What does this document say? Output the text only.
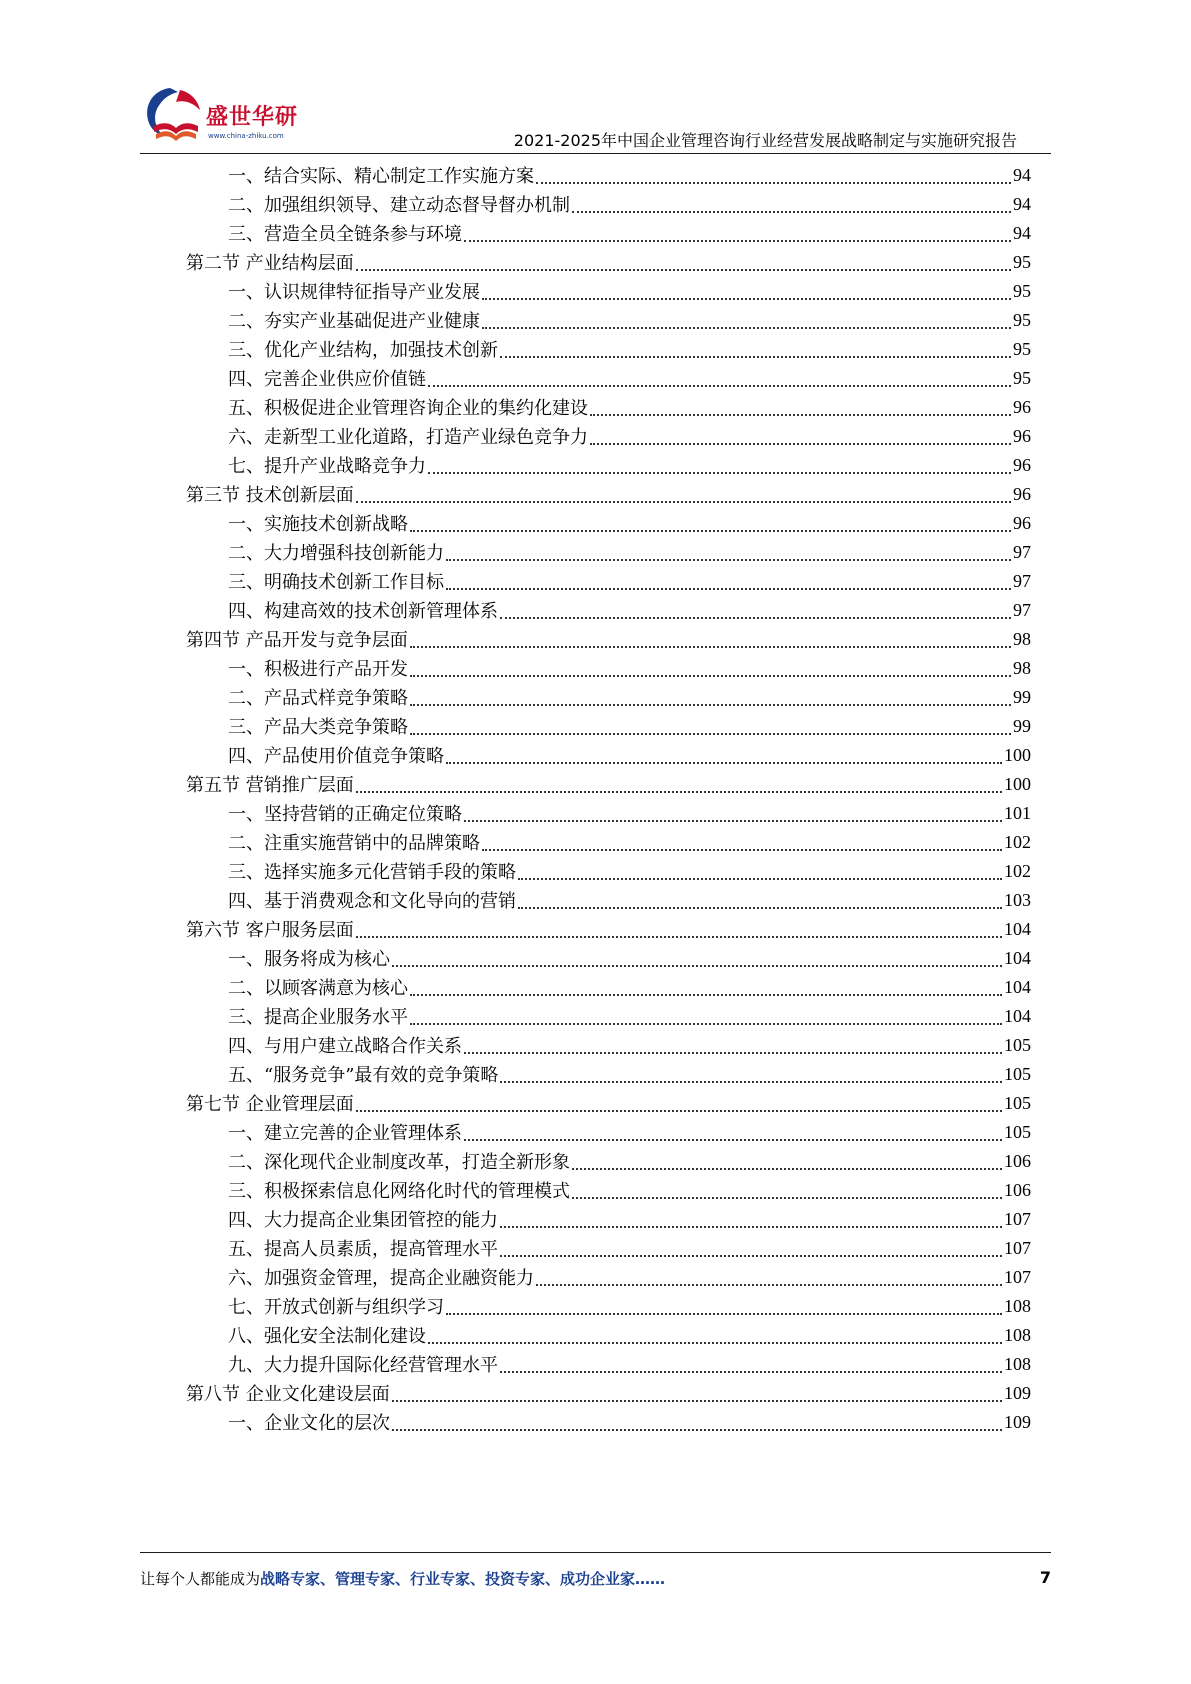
盛世华研
www.china-zhiku.com	2021-2025年中国企业管理咨询行业经营发展战略制定与实施研究报告
一、结合实际、精心制定工作实施方案	94
二、加强组织领导、建立动态督导督办机制	94
三、营造全员全链条参与环境	94
第二节 产业结构层面	95
一、认识规律特征指导产业发展	95
二、夯实产业基础促进产业健康	95
三、优化产业结构，加强技术创新	95
四、完善企业供应价值链	95
五、积极促进企业管理咨询企业的集约化建设	96
六、走新型工业化道路，打造产业绿色竞争力	96
七、提升产业战略竞争力	96
第三节 技术创新层面	96
一、实施技术创新战略	96
二、大力增强科技创新能力	97
三、明确技术创新工作目标	97
四、构建高效的技术创新管理体系	97
第四节 产品开发与竞争层面	98
一、积极进行产品开发	98
二、产品式样竞争策略	99
三、产品大类竞争策略	99
四、产品使用价值竞争策略	100
第五节 营销推广层面	100
一、坚持营销的正确定位策略	101
二、注重实施营销中的品牌策略	102
三、选择实施多元化营销手段的策略	102
四、基于消费观念和文化导向的营销	103
第六节 客户服务层面	104
一、服务将成为核心	104
二、以顾客满意为核心	104
三、提高企业服务水平	104
四、与用户建立战略合作关系	105
五、“服务竞争”最有效的竞争策略	105
第七节 企业管理层面	105
一、建立完善的企业管理体系	105
二、深化现代企业制度改革，打造全新形象	106
三、积极探索信息化网络化时代的管理模式	106
四、大力提高企业集团管控的能力	107
五、提高人员素质，提高管理水平	107
六、加强资金管理，提高企业融资能力	107
七、开放式创新与组织学习	108
八、强化安全法制化建设	108
九、大力提升国际化经营管理水平	108
第八节 企业文化建设层面	109
一、企业文化的层次	109
让每个人都能成为战略专家、管理专家、行业专家、投资专家、成功企业家……	7
